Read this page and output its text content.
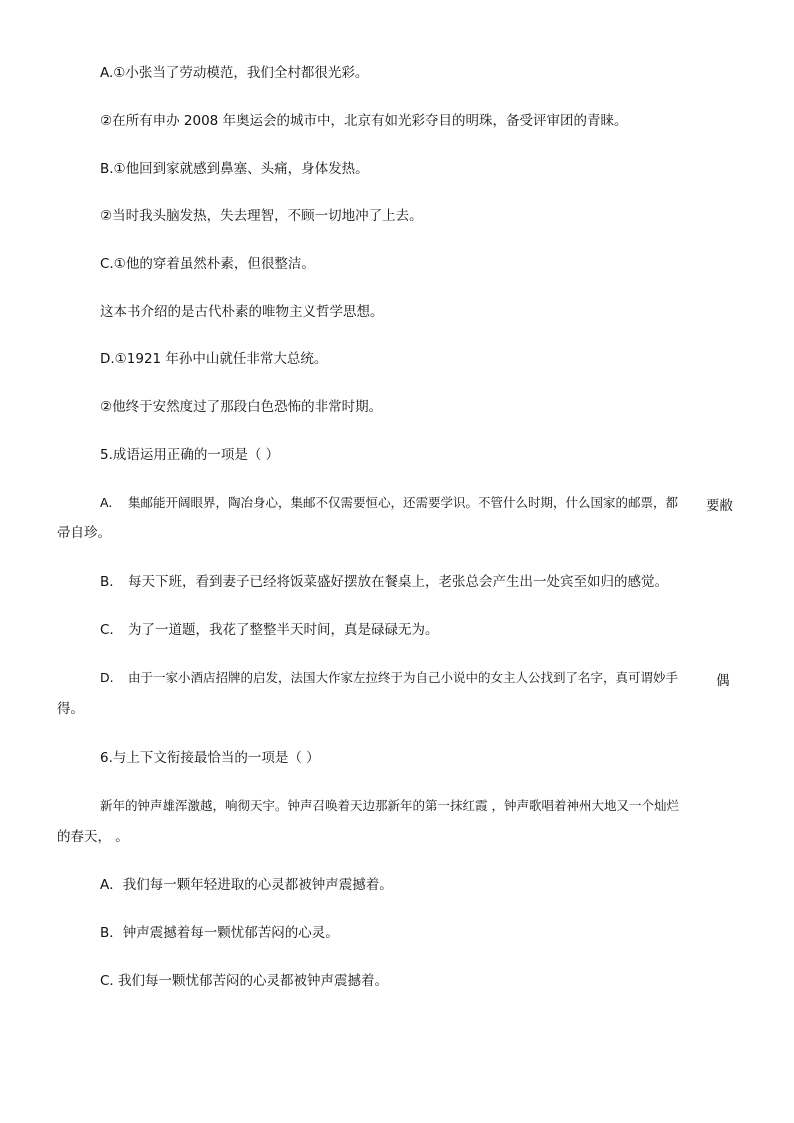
A.①小张当了劳动模范，我们全村都很光彩。
②在所有申办 2008 年奥运会的城市中，北京有如光彩夺目的明珠，备受评审团的青睐。
B.①他回到家就感到鼻塞、头痛，身体发热。
②当时我头脑发热，失去理智，不顾一切地冲了上去。
C.①他的穿着虽然朴素，但很整洁。
这本书介绍的是古代朴素的唯物主义哲学思想。
D.①1921 年孙中山就任非常大总统。
②他终于安然度过了那段白色恐怖的非常时期。
5.成语运用正确的一项是（ ）
A. 集邮能开阔眼界，陶冶身心，集邮不仅需要恒心，还需要学识。不管什么时期，什么国家的邮票，都 要敝
帚自珍。
B. 每天下班，看到妻子已经将饭菜盛好摆放在餐桌上，老张总会产生出一处宾至如归的感觉。
C. 为了一道题，我花了整整半天时间，真是碌碌无为。
D. 由于一家小酒店招牌的启发，法国大作家左拉终于为自己小说中的女主人公找到了名字，真可谓妙手	偶
得。
6.与上下文衔接最恰当的一项是（ ）
新年的钟声雄浑激越，响彻天宇。钟声召唤着天边那新年的第一抹红霞 ，钟声歌唱着神州大地又一个灿烂
的春天， 。
A．我们每一颗年轻进取的心灵都被钟声震撼着。
B．钟声震撼着每一颗忧郁苦闷的心灵。
C. 我们每一颗忧郁苦闷的心灵都被钟声震撼着。
